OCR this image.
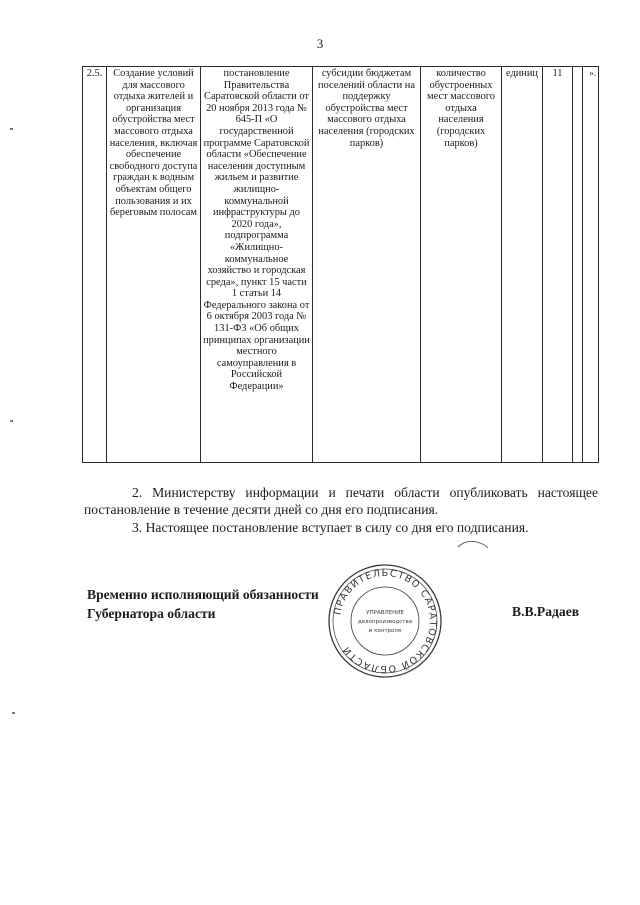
3
2.5.	Создание условий для массового отдыха жителей и организация обустройства мест массового отдыха населения, включая обеспечение свободного доступа граждан к водным объектам общего пользования и их береговым полосам	постановление Правительства Саратовской области от 20 ноября 2013 года № 645-П «О государственной программе Саратовской области «Обеспечение населения доступным жильем и развитие жилищно-коммунальной инфраструктуры до 2020 года», подпрограмма «Жилищно-коммунальное хозяйство и городская среда», пункт 15 части 1 статьи 14 Федерального закона от 6 октября 2003 года № 131-ФЗ «Об общих принципах организации местного самоуправления в Российской Федерации»	субсидии бюджетам поселений области на поддержку обустройства мест массового отдыха населения (городских парков)	количество обустроенных мест массового отдыха населения (городских парков)	единиц	11		».
2. Министерству информации и печати области опубликовать настоящее постановление в течение десяти дней со дня его подписания.
3. Настоящее постановление вступает в силу со дня его подписания.
Временно исполняющий обязанности
Губернатора области	ПРАВИТЕЛЬСТВО САРАТОВСКОЙ ОБЛАСТИ
УПРАВЛЕНИЕ
делопроизводства
и контроля
В.В.Радаев
